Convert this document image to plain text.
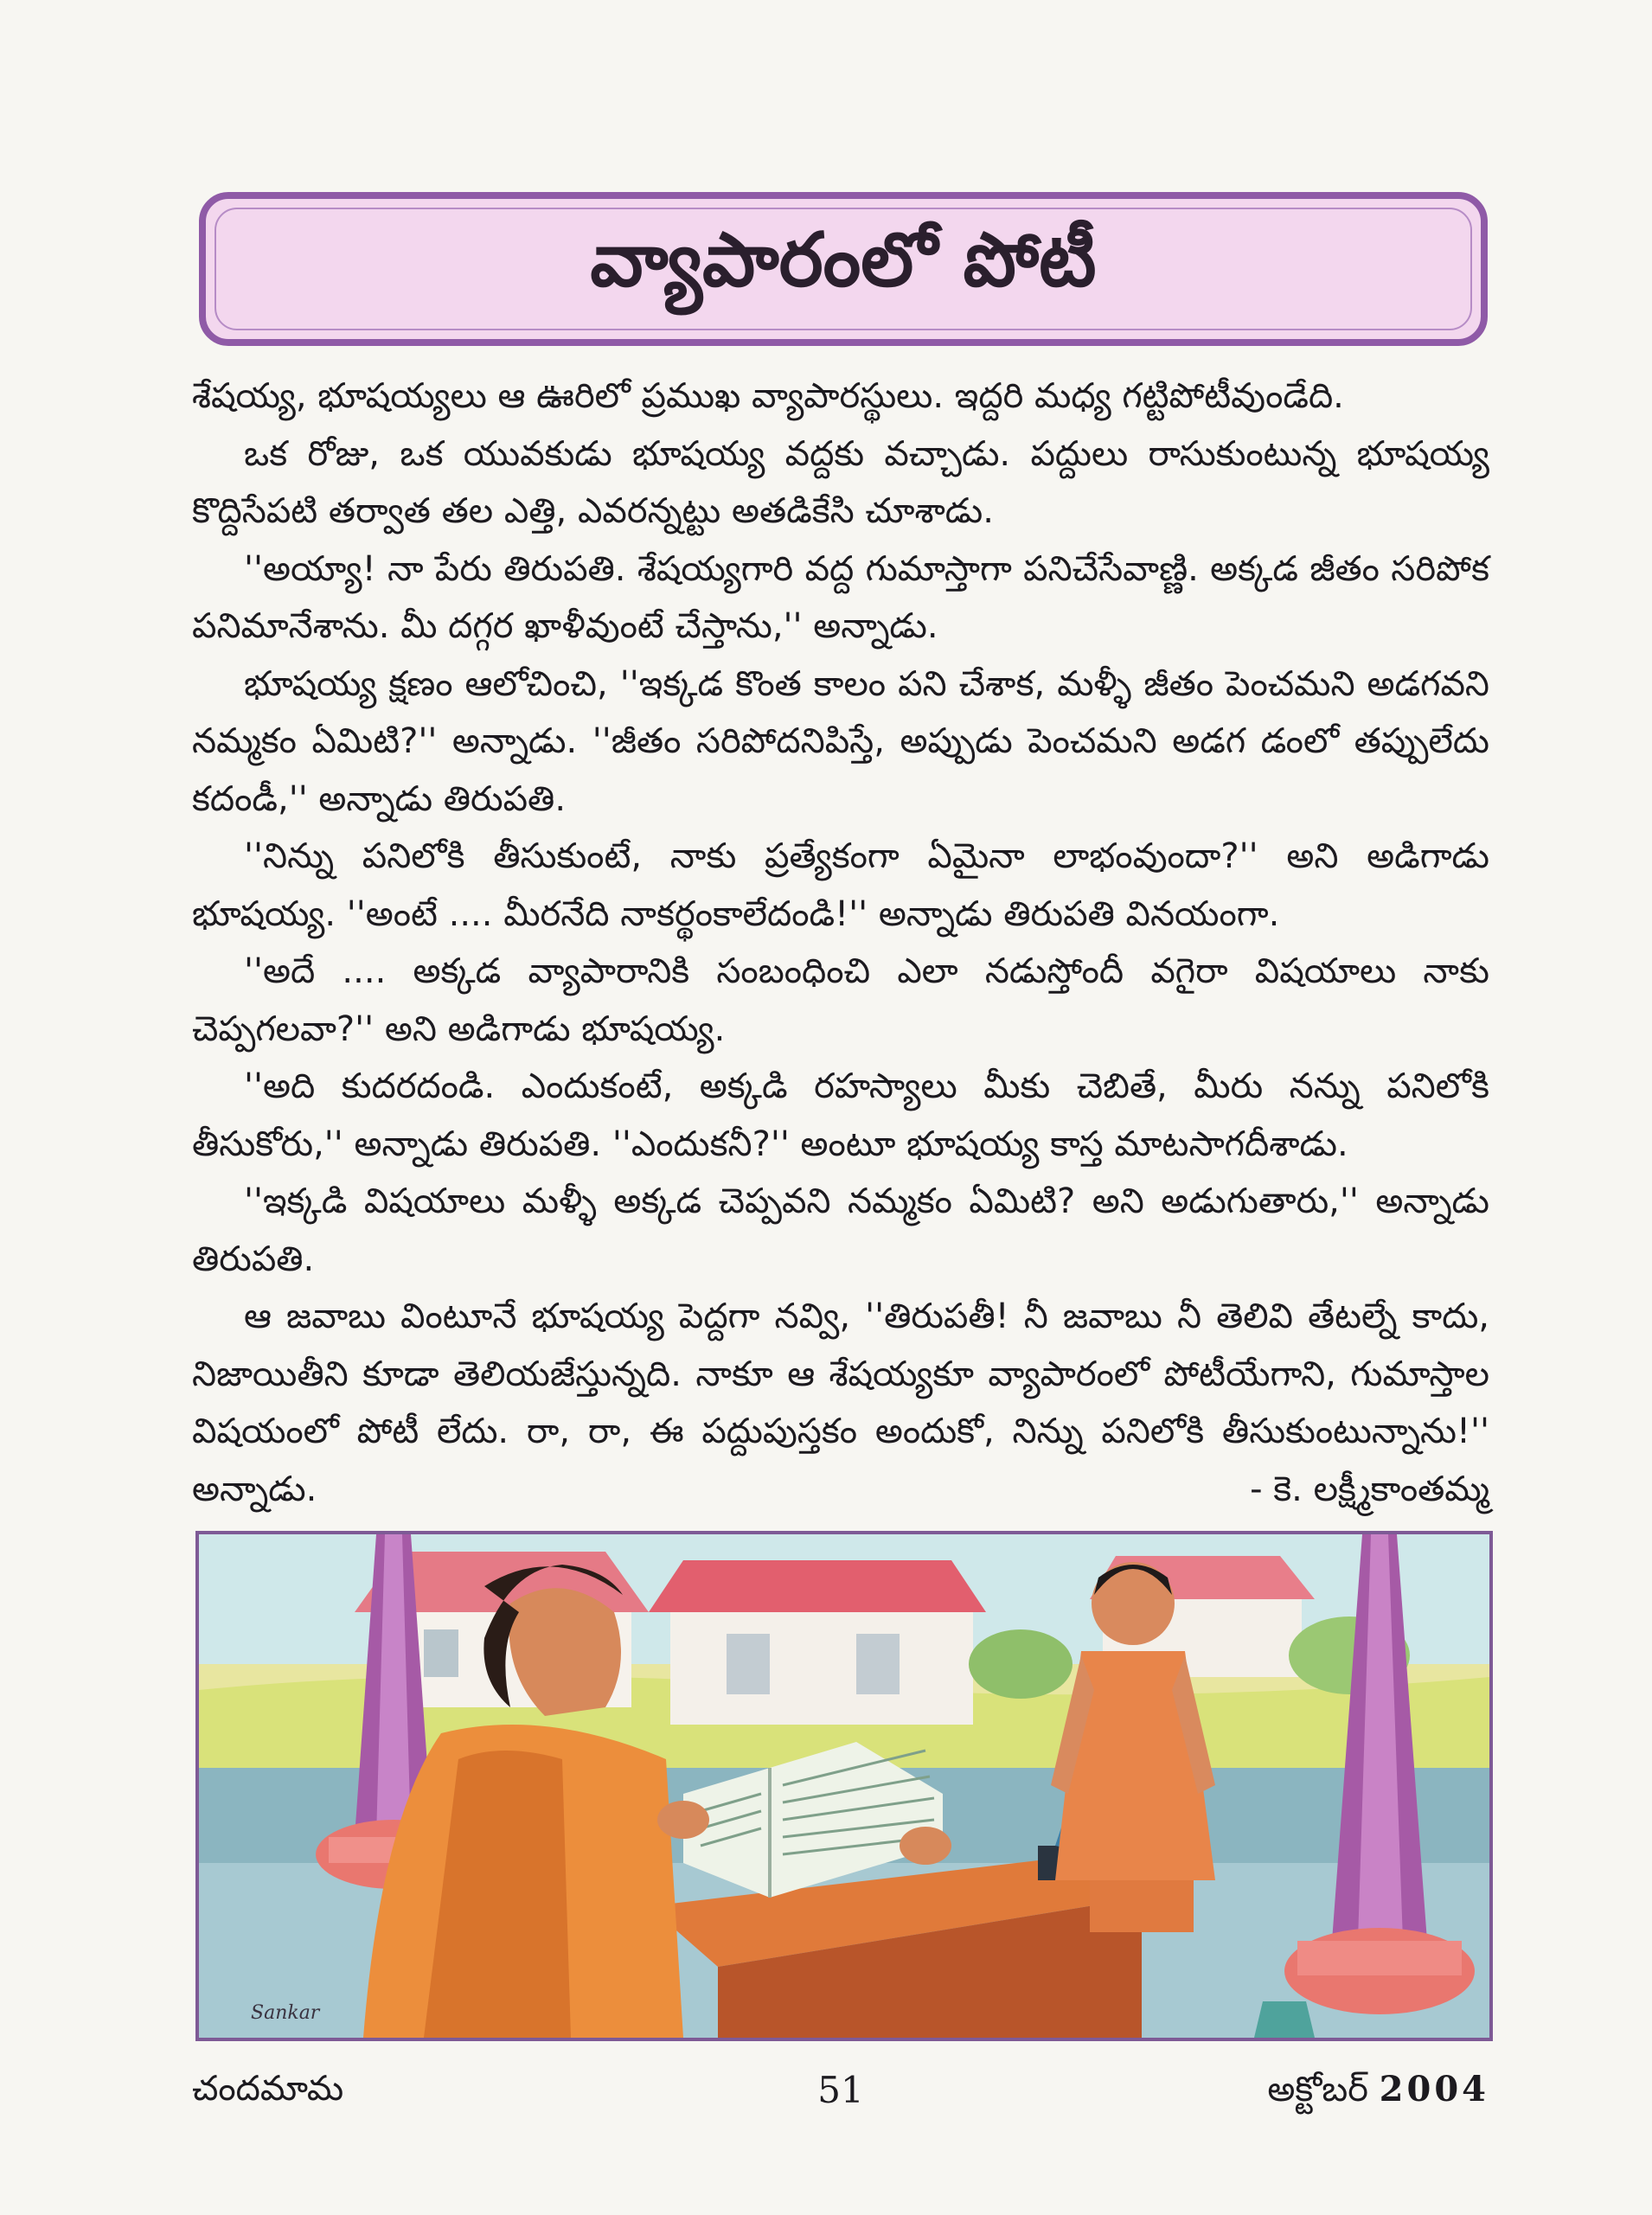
వ్యాపారంలో పోటీ

శేషయ్య, భూషయ్యలు ఆ ఊరిలో ప్రముఖ వ్యాపారస్థులు. ఇద్దరి మధ్య గట్టిపోటీవుండేది.

ఒక రోజు, ఒక యువకుడు భూషయ్య వద్దకు వచ్చాడు. పద్దులు రాసుకుంటున్న భూషయ్య కొద్దిసేపటి తర్వాత తల ఎత్తి, ఎవరన్నట్టు అతడికేసి చూశాడు.

''అయ్యా! నా పేరు తిరుపతి. శేషయ్యగారి వద్ద గుమాస్తాగా పనిచేసేవాణ్ణి. అక్కడ జీతం సరిపోక పనిమానేశాను. మీ దగ్గర ఖాళీవుంటే చేస్తాను,'' అన్నాడు.

భూషయ్య క్షణం ఆలోచించి, ''ఇక్కడ కొంత కాలం పని చేశాక, మళ్ళీ జీతం పెంచమని అడగవని నమ్మకం ఏమిటి?'' అన్నాడు. ''జీతం సరిపోదనిపిస్తే, అప్పుడు పెంచమని అడగ డంలో తప్పులేదు కదండీ,'' అన్నాడు తిరుపతి.

''నిన్ను పనిలోకి తీసుకుంటే, నాకు ప్రత్యేకంగా ఏమైనా లాభంవుందా?'' అని అడిగాడు భూషయ్య. ''అంటే .... మీరనేది నాకర్థంకాలేదండి!'' అన్నాడు తిరుపతి వినయంగా.

''అదే .... అక్కడ వ్యాపారానికి సంబంధించి ఎలా నడుస్తోందీ వగైరా విషయాలు నాకు చెప్పగలవా?'' అని అడిగాడు భూషయ్య.

''అది కుదరదండి. ఎందుకంటే, అక్కడి రహస్యాలు మీకు చెబితే, మీరు నన్ను పనిలోకి తీసుకోరు,'' అన్నాడు తిరుపతి. ''ఎందుకనీ?'' అంటూ భూషయ్య కాస్త మాటసాగదీశాడు.

''ఇక్కడి విషయాలు మళ్ళీ అక్కడ చెప్పవని నమ్మకం ఏమిటి? అని అడుగుతారు,'' అన్నాడు తిరుపతి.

ఆ జవాబు వింటూనే భూషయ్య పెద్దగా నవ్వి, ''తిరుపతీ! నీ జవాబు నీ తెలివి తేటల్నే కాదు, నిజాయితీని కూడా తెలియజేస్తున్నది. నాకూ ఆ శేషయ్యకూ వ్యాపారంలో పోటీయేగాని, గుమాస్తాల విషయంలో పోటీ లేదు. రా, రా, ఈ పద్దుపుస్తకం అందుకో, నిన్ను పనిలోకి తీసుకుంటున్నాను!'' అన్నాడు.	- కె. లక్ష్మీకాంతమ్మ
Sankar
చందమామ	51	అక్టోబర్ 2004
